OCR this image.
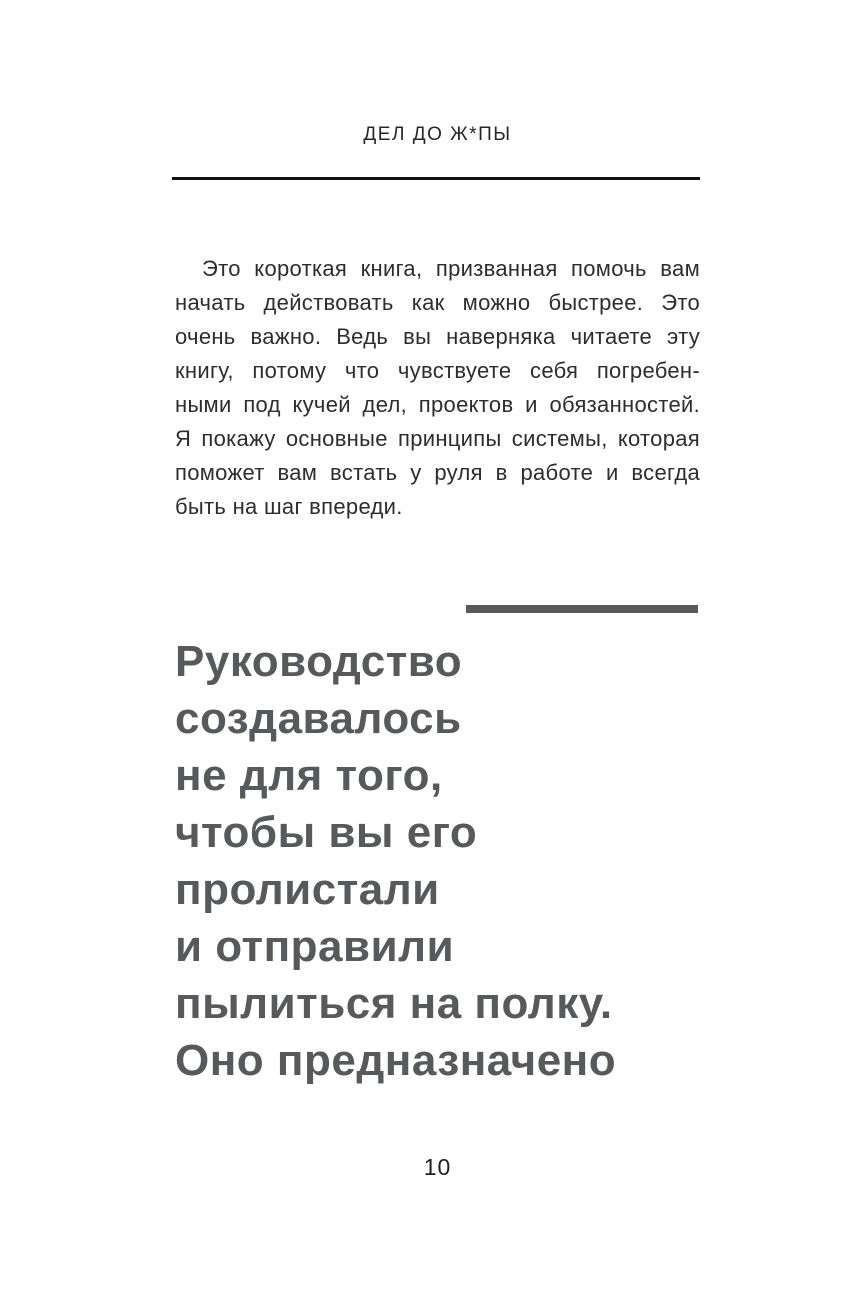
ДЕЛ ДО Ж*ПЫ
Это короткая книга, призванная помочь вам
начать действовать как можно быстрее. Это
очень важно. Ведь вы наверняка читаете эту
книгу, потому что чувствуете себя погребен-
ными под кучей дел, проектов и обязанностей.
Я покажу основные принципы системы, которая
поможет вам встать у руля в работе и всегда
быть на шаг впереди.
Руководство
создавалось
не для того,
чтобы вы его
пролистали
и отправили
пылиться на полку.
Оно предназначено
10
